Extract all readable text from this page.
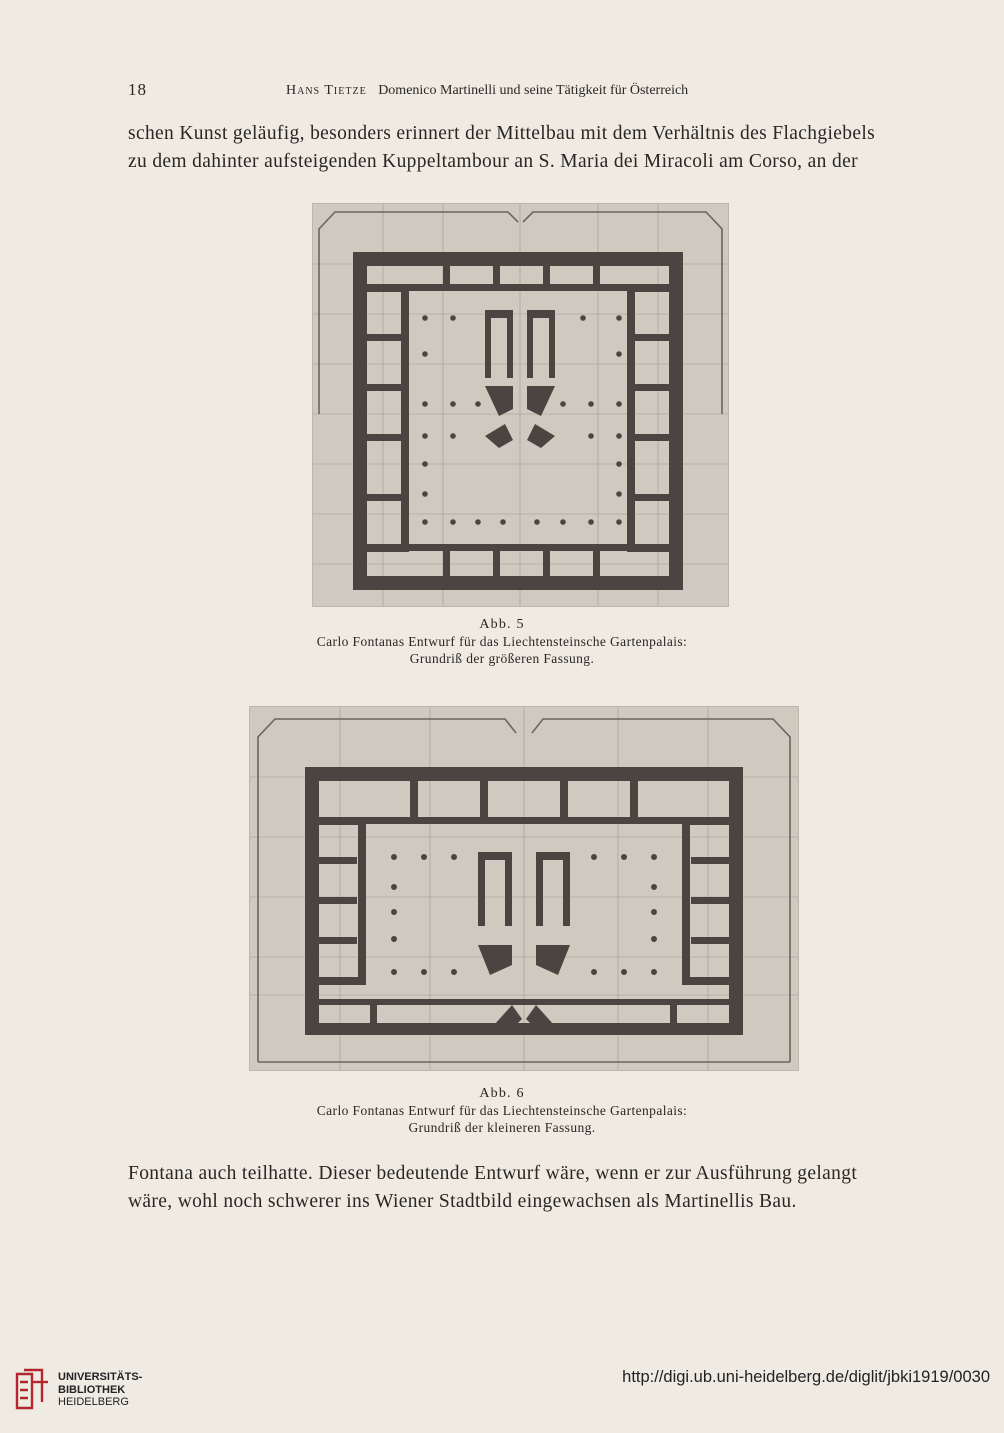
18	Hans Tietze Domenico Martinelli und seine Tätigkeit für Österreich
schen Kunst geläufig, besonders erinnert der Mittelbau mit dem Verhältnis des Flachgiebels
zu dem dahinter aufsteigenden Kuppeltambour an S. Maria dei Miracoli am Corso, an der
Abb. 5
Carlo Fontanas Entwurf für das Liechtensteinsche Gartenpalais:
Grundriß der größeren Fassung.
Abb. 6
Carlo Fontanas Entwurf für das Liechtensteinsche Gartenpalais:
Grundriß der kleineren Fassung.
Fontana auch teilhatte. Dieser bedeutende Entwurf wäre, wenn er zur Ausführung gelangt
wäre, wohl noch schwerer ins Wiener Stadtbild eingewachsen als Martinellis Bau.
UNIVERSITÄTS-
BIBLIOTHEK
HEIDELBERG
http://digi.ub.uni-heidelberg.de/diglit/jbki1919/0030
